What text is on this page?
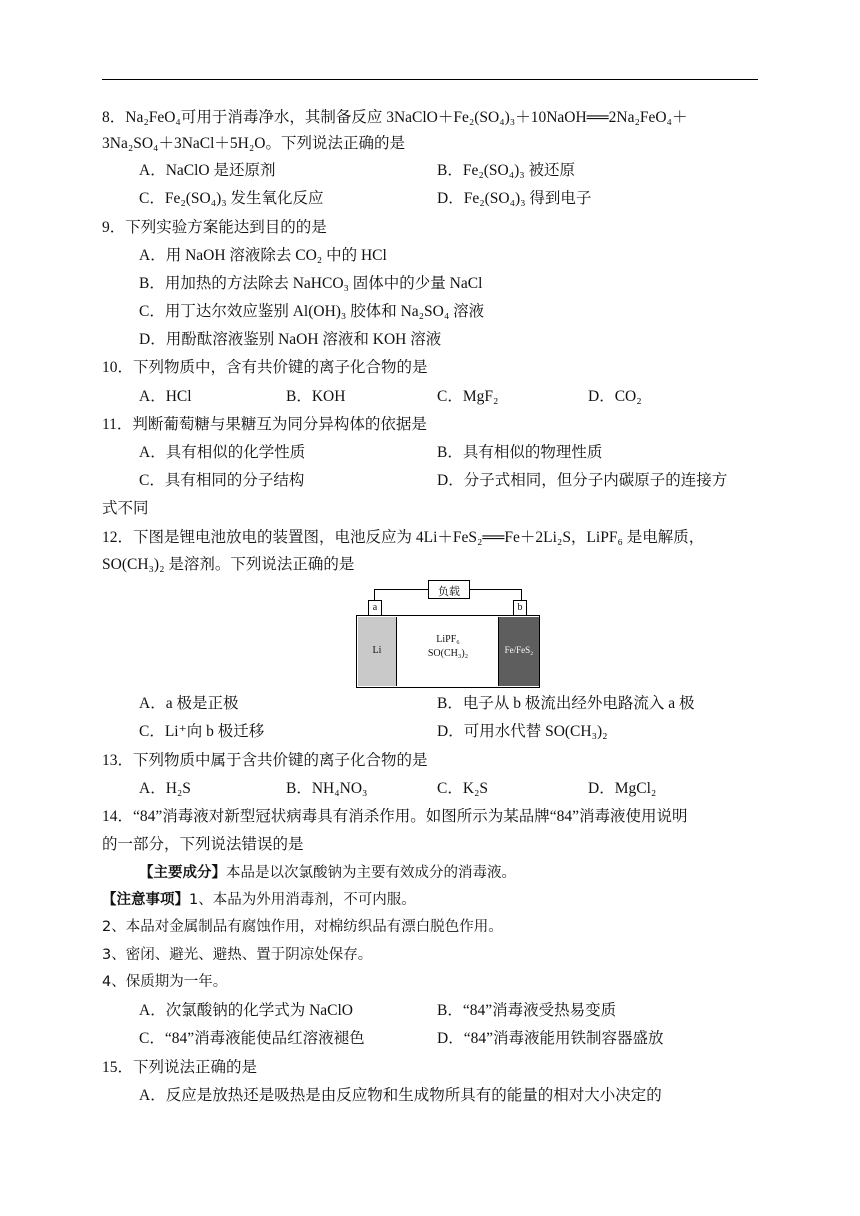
8．Na₂FeO₄可用于消毒净水，其制备反应 3NaClO＋Fe₂(SO₄)₃＋10NaOH══2Na₂FeO₄＋
3Na₂SO₄＋3NaCl＋5H₂O。下列说法正确的是
A．NaClO 是还原剂	B．Fe₂(SO₄)₃ 被还原
C．Fe₂(SO₄)₃ 发生氧化反应	D．Fe₂(SO₄)₃ 得到电子
9．下列实验方案能达到目的的是
A．用 NaOH 溶液除去 CO₂ 中的 HCl
B．用加热的方法除去 NaHCO₃ 固体中的少量 NaCl
C．用丁达尔效应鉴别 Al(OH)₃ 胶体和 Na₂SO₄ 溶液
D．用酚酞溶液鉴别 NaOH 溶液和 KOH 溶液
10．下列物质中，含有共价键的离子化合物的是
A．HCl	B．KOH	C．MgF₂	D．CO₂
11．判断葡萄糖与果糖互为同分异构体的依据是
A．具有相似的化学性质	B．具有相似的物理性质
C．具有相同的分子结构	D．分子式相同，但分子内碳原子的连接方
式不同
12．下图是锂电池放电的装置图，电池反应为 4Li＋FeS₂══Fe＋2Li₂S，LiPF₆ 是电解质，
SO(CH₃)₂ 是溶剂。下列说法正确的是
负载
a	b
Li
LiPF₆
SO(CH₃)₂	Fe/FeS₂
A．a 极是正极	B．电子从 b 极流出经外电路流入 a 极
C．Li⁺向 b 极迁移	D．可用水代替 SO(CH₃)₂
13．下列物质中属于含共价键的离子化合物的是
A．H₂S	B．NH₄NO₃	C．K₂S	D．MgCl₂
14．“84”消毒液对新型冠状病毒具有消杀作用。如图所示为某品牌“84”消毒液使用说明
的一部分，下列说法错误的是
【主要成分】本品是以次氯酸钠为主要有效成分的消毒液。
【注意事项】1、本品为外用消毒剂，不可内服。
2、本品对金属制品有腐蚀作用，对棉纺织品有漂白脱色作用。
3、密闭、避光、避热、置于阴凉处保存。
4、保质期为一年。
A．次氯酸钠的化学式为 NaClO	B．“84”消毒液受热易变质
C．“84”消毒液能使品红溶液褪色	D．“84”消毒液能用铁制容器盛放
15．下列说法正确的是
A．反应是放热还是吸热是由反应物和生成物所具有的能量的相对大小决定的
